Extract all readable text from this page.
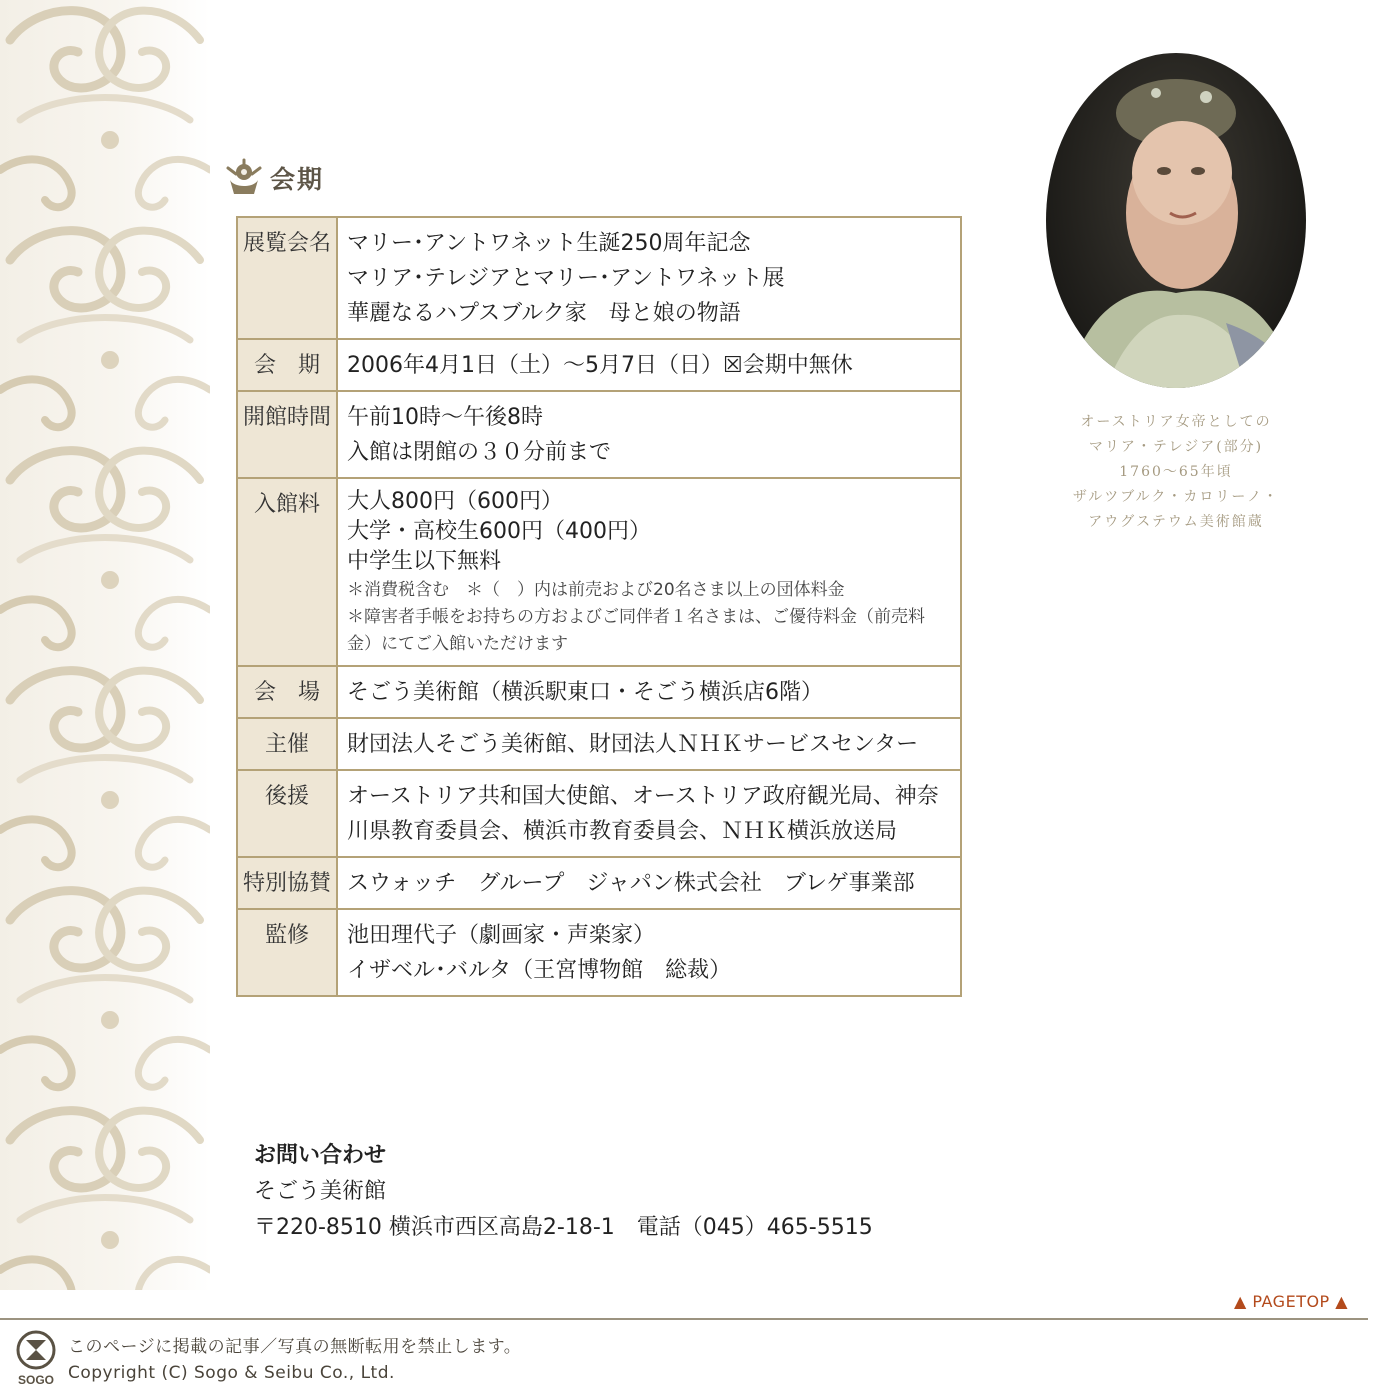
会期
展覧会名	マリー･アントワネット生誕250周年記念
マリア･テレジアとマリー･アントワネット展
華麗なるハプスブルク家　母と娘の物語

会　期	2006年4月1日（土）〜5月7日（日）☒会期中無休

開館時間	午前10時〜午後8時
入館は閉館の３０分前まで

入館料	大人800円（600円）
大学・高校生600円（400円）
中学生以下無料
＊消費税含む　＊（　）内は前売および20名さま以上の団体料金
＊障害者手帳をお持ちの方およびご同伴者１名さまは、ご優待料金（前売料金）にてご入館いただけます

会　場	そごう美術館（横浜駅東口・そごう横浜店6階）

主催	財団法人そごう美術館、財団法人ＮＨＫサービスセンター

後援	オーストリア共和国大使館、オーストリア政府観光局、神奈川県教育委員会、横浜市教育委員会、ＮＨＫ横浜放送局

特別協賛	スウォッチ　グループ　ジャパン株式会社　ブレゲ事業部

監修	池田理代子（劇画家・声楽家）
イザベル･バルタ（王宮博物館　総裁）
お問い合わせ
そごう美術館
〒220-8510 横浜市西区高島2-18-1　電話（045）465-5515
オーストリア女帝としての
マリア・テレジア(部分)
1760〜65年頃
ザルツブルク・カロリーノ・
アウグステウム美術館蔵
▲ PAGETOP ▲
SOGO
このページに掲載の記事／写真の無断転用を禁止します。
Copyright (C) Sogo & Seibu Co., Ltd.
